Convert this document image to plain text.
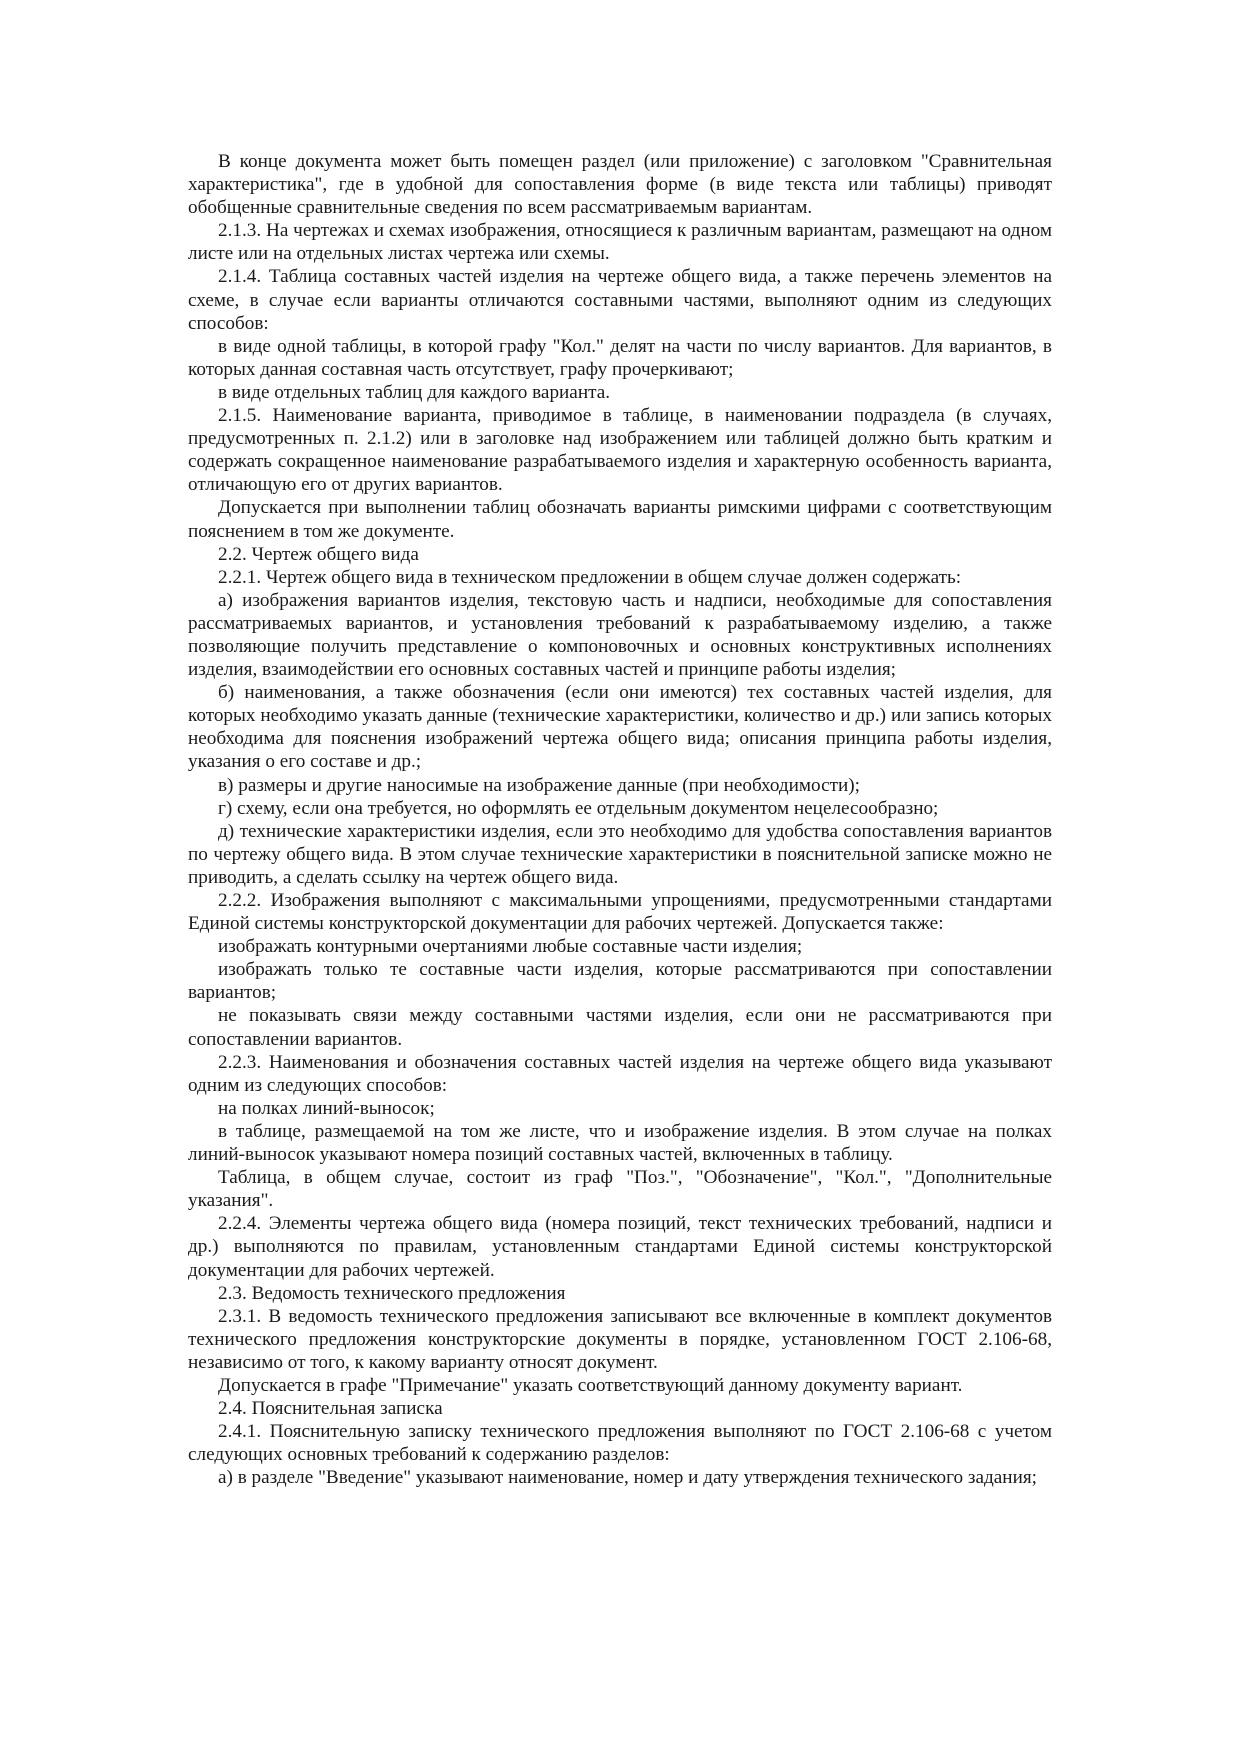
В конце документа может быть помещен раздел (или приложение) с заголовком "Сравнительная характеристика", где в удобной для сопоставления форме (в виде текста или таблицы) приводят обобщенные сравнительные сведения по всем рассматриваемым вариантам.

2.1.3. На чертежах и схемах изображения, относящиеся к различным вариантам, размещают на одном листе или на отдельных листах чертежа или схемы.

2.1.4. Таблица составных частей изделия на чертеже общего вида, а также перечень элементов на схеме, в случае если варианты отличаются составными частями, выполняют одним из следующих способов:

в виде одной таблицы, в которой графу "Кол." делят на части по числу вариантов. Для вариантов, в которых данная составная часть отсутствует, графу прочеркивают;

в виде отдельных таблиц для каждого варианта.

2.1.5. Наименование варианта, приводимое в таблице, в наименовании подраздела (в случаях, предусмотренных п. 2.1.2) или в заголовке над изображением или таблицей должно быть кратким и содержать сокращенное наименование разрабатываемого изделия и характерную особенность варианта, отличающую его от других вариантов.

Допускается при выполнении таблиц обозначать варианты римскими цифрами с соответствующим пояснением в том же документе.

2.2. Чертеж общего вида

2.2.1. Чертеж общего вида в техническом предложении в общем случае должен содержать:

а) изображения вариантов изделия, текстовую часть и надписи, необходимые для сопоставления рассматриваемых вариантов, и установления требований к разрабатываемому изделию, а также позволяющие получить представление о компоновочных и основных конструктивных исполнениях изделия, взаимодействии его основных составных частей и принципе работы изделия;

б) наименования, а также обозначения (если они имеются) тех составных частей изделия, для которых необходимо указать данные (технические характеристики, количество и др.) или запись которых необходима для пояснения изображений чертежа общего вида; описания принципа работы изделия, указания о его составе и др.;

в) размеры и другие наносимые на изображение данные (при необходимости);

г) схему, если она требуется, но оформлять ее отдельным документом нецелесообразно;

д) технические характеристики изделия, если это необходимо для удобства сопоставления вариантов по чертежу общего вида. В этом случае технические характеристики в пояснительной записке можно не приводить, а сделать ссылку на чертеж общего вида.

2.2.2. Изображения выполняют с максимальными упрощениями, предусмотренными стандартами Единой системы конструкторской документации для рабочих чертежей. Допускается также:

изображать контурными очертаниями любые составные части изделия;

изображать только те составные части изделия, которые рассматриваются при сопоставлении вариантов;

не показывать связи между составными частями изделия, если они не рассматриваются при сопоставлении вариантов.

2.2.3. Наименования и обозначения составных частей изделия на чертеже общего вида указывают одним из следующих способов:

на полках линий-выносок;

в таблице, размещаемой на том же листе, что и изображение изделия. В этом случае на полках линий-выносок указывают номера позиций составных частей, включенных в таблицу.

Таблица, в общем случае, состоит из граф "Поз.", "Обозначение", "Кол.", "Дополнительные указания".

2.2.4. Элементы чертежа общего вида (номера позиций, текст технических требований, надписи и др.) выполняются по правилам, установленным стандартами Единой системы конструкторской документации для рабочих чертежей.

2.3. Ведомость технического предложения

2.3.1. В ведомость технического предложения записывают все включенные в комплект документов технического предложения конструкторские документы в порядке, установленном ГОСТ 2.106-68, независимо от того, к какому варианту относят документ.

Допускается в графе "Примечание" указать соответствующий данному документу вариант.

2.4. Пояснительная записка

2.4.1. Пояснительную записку технического предложения выполняют по ГОСТ 2.106-68 с учетом следующих основных требований к содержанию разделов:

а) в разделе "Введение" указывают наименование, номер и дату утверждения технического задания;
